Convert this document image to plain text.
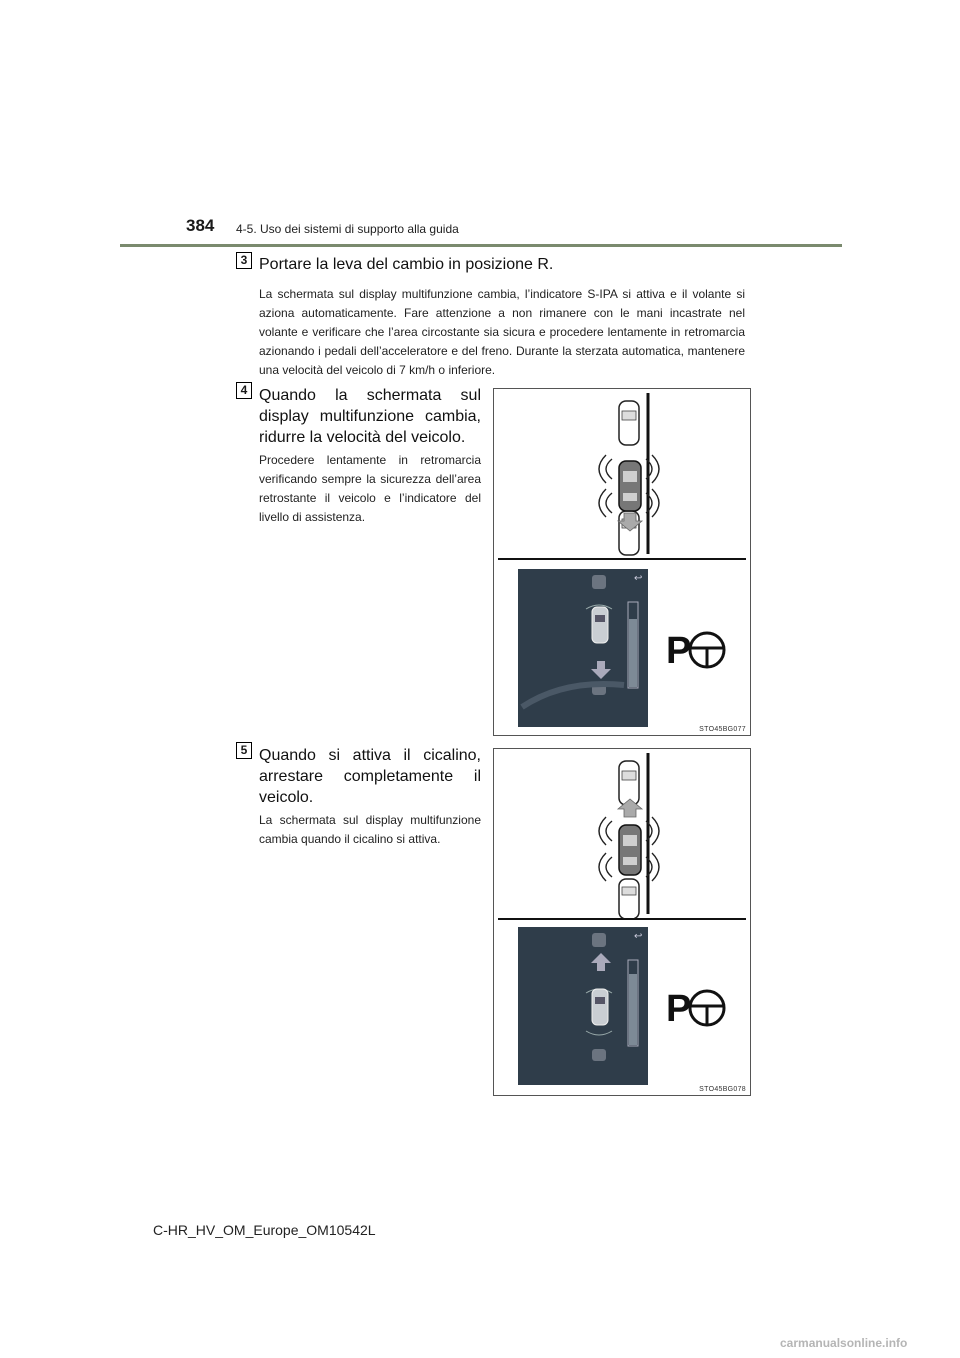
384 4-5. Uso dei sistemi di supporto alla guida
3 Portare la leva del cambio in posizione R.
La schermata sul display multifunzione cambia, l’indicatore S-IPA si attiva e il volante si aziona automaticamente. Fare attenzione a non rimanere con le mani incastrate nel volante e verificare che l’area circostante sia sicura e procedere lentamente in retromarcia azionando i pedali dell’acceleratore e del freno. Durante la sterzata automatica, mantenere una velocità del veicolo di 7 km/h o inferiore.
4 Quando la schermata sul display multifunzione cambia, ridurre la velocità del veicolo.
Procedere lentamente in retromarcia verificando sempre la sicurezza dell’area retrostante il veicolo e l’indicatore del livello di assistenza.
↩
P
STO45BG077
5 Quando si attiva il cicalino, arrestare completamente il veicolo.
La schermata sul display multifunzione cambia quando il cicalino si attiva.
↩
P
STO45BG078
C-HR_HV_OM_Europe_OM10542L
carmanualsonline.info
